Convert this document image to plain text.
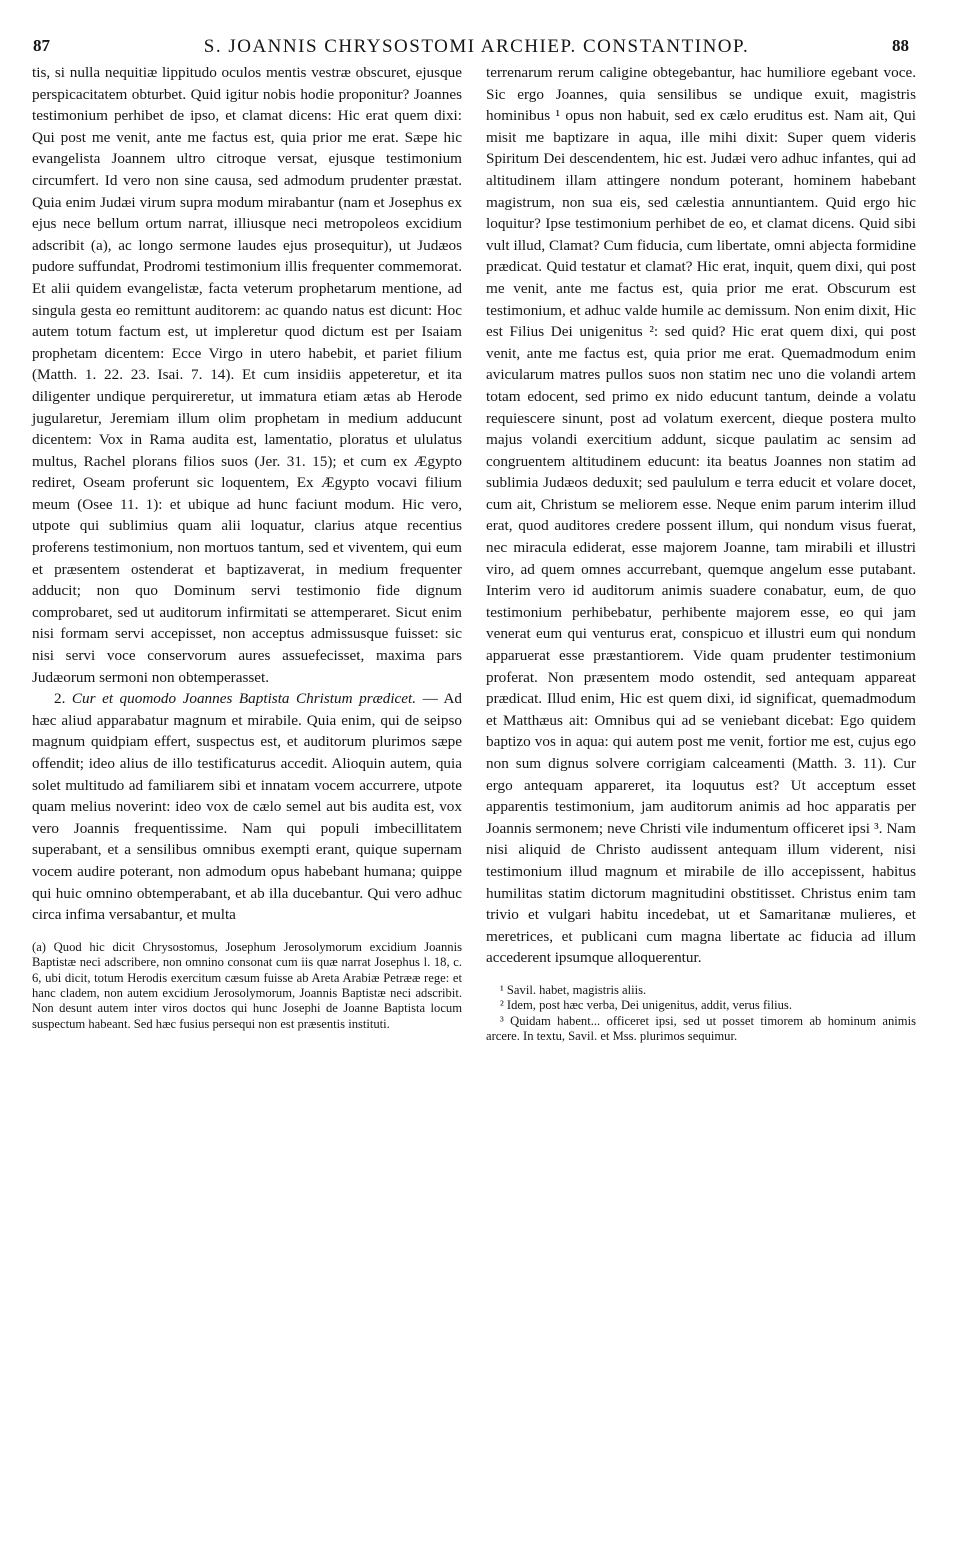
87	S. JOANNIS CHRYSOSTOMI ARCHIEP. CONSTANTINOP.	88

tis, si nulla nequitiæ lippitudo oculos mentis vestræ obscuret, ejusque perspicacitatem obturbet. Quid igitur nobis hodie proponitur? Joannes testimonium perhibet de ipso, et clamat dicens: Hic erat quem dixi: Qui post me venit, ante me factus est, quia prior me erat. Sæpe hic evangelista Joannem ultro citroque versat, ejusque testimonium circumfert. Id vero non sine causa, sed admodum prudenter præstat. Quia enim Judæi virum supra modum mirabantur (nam et Josephus ex ejus nece bellum ortum narrat, illiusque neci metropoleos excidium adscribit (a), ac longo sermone laudes ejus prosequitur), ut Judæos pudore suffundat, Prodromi testimonium illis frequenter commemorat. Et alii quidem evangelistæ, facta veterum prophetarum mentione, ad singula gesta eo remittunt auditorem: ac quando natus est dicunt: Hoc autem totum factum est, ut impleretur quod dictum est per Isaiam prophetam dicentem: Ecce Virgo in utero habebit, et pariet filium (Matth. 1. 22. 23. Isai. 7. 14). Et cum insidiis appeteretur, et ita diligenter undique perquireretur, ut immatura etiam ætas ab Herode jugularetur, Jeremiam illum olim prophetam in medium adducunt dicentem: Vox in Rama audita est, lamentatio, ploratus et ululatus multus, Rachel plorans filios suos (Jer. 31. 15); et cum ex Ægypto rediret, Oseam proferunt sic loquentem, Ex Ægypto vocavi filium meum (Osee 11. 1): et ubique ad hunc faciunt modum. Hic vero, utpote qui sublimius quam alii loquatur, clarius atque recentius proferens testimonium, non mortuos tantum, sed et viventem, qui eum et præsentem ostenderat et baptizaverat, in medium frequenter adducit; non quo Dominum servi testimonio fide dignum comprobaret, sed ut auditorum infirmitati se attemperaret. Sicut enim nisi formam servi accepisset, non acceptus admissusque fuisset: sic nisi servi voce conservorum aures assuefecisset, maxima pars Judæorum sermoni non obtemperasset.

2. Cur et quomodo Joannes Baptista Christum prædicet. — Ad hæc aliud apparabatur magnum et mirabile. Quia enim, qui de seipso magnum quidpiam effert, suspectus est, et auditorum plurimos sæpe offendit; ideo alius de illo testificaturus accedit. Alioquin autem, quia solet multitudo ad familiarem sibi et innatam vocem accurrere, utpote quam melius noverint: ideo vox de cælo semel aut bis audita est, vox vero Joannis frequentissime. Nam qui populi imbecillitatem superabant, et a sensilibus omnibus exempti erant, quique supernam vocem audire poterant, non admodum opus habebant humana; quippe qui huic omnino obtemperabant, et ab illa ducebantur. Qui vero adhuc circa infima versabantur, et multa

(a) Quod hic dicit Chrysostomus, Josephum Jerosolymorum excidium Joannis Baptistæ neci adscribere, non omnino consonat cum iis quæ narrat Josephus l. 18, c. 6, ubi dicit, totum Herodis exercitum cæsum fuisse ab Areta Arabiæ Petrææ rege: et hanc cladem, non autem excidium Jerosolymorum, Joannis Baptistæ neci adscribit. Non desunt autem inter viros doctos qui hunc Josephi de Joanne Baptista locum suspectum habeant. Sed hæc fusius persequi non est præsentis instituti.

terrenarum rerum caligine obtegebantur, hac humiliore egebant voce. Sic ergo Joannes, quia sensilibus se undique exuit, magistris hominibus ¹ opus non habuit, sed ex cælo eruditus est. Nam ait, Qui misit me baptizare in aqua, ille mihi dixit: Super quem videris Spiritum Dei descendentem, hic est. Judæi vero adhuc infantes, qui ad altitudinem illam attingere nondum poterant, hominem habebant magistrum, non sua eis, sed cælestia annuntiantem. Quid ergo hic loquitur? Ipse testimonium perhibet de eo, et clamat dicens. Quid sibi vult illud, Clamat? Cum fiducia, cum libertate, omni abjecta formidine prædicat. Quid testatur et clamat? Hic erat, inquit, quem dixi, qui post me venit, ante me factus est, quia prior me erat. Obscurum est testimonium, et adhuc valde humile ac demissum. Non enim dixit, Hic est Filius Dei unigenitus ²: sed quid? Hic erat quem dixi, qui post venit, ante me factus est, quia prior me erat. Quemadmodum enim avicularum matres pullos suos non statim nec uno die volandi artem totam edocent, sed primo ex nido educunt tantum, deinde a volatu requiescere sinunt, post ad volatum exercent, dieque postera multo majus volandi exercitium addunt, sicque paulatim ac sensim ad congruentem altitudinem educunt: ita beatus Joannes non statim ad sublimia Judæos deduxit; sed paululum e terra educit et volare docet, cum ait, Christum se meliorem esse. Neque enim parum interim illud erat, quod auditores credere possent illum, qui nondum visus fuerat, nec miracula ediderat, esse majorem Joanne, tam mirabili et illustri viro, ad quem omnes accurrebant, quemque angelum esse putabant. Interim vero id auditorum animis suadere conabatur, eum, de quo testimonium perhibebatur, perhibente majorem esse, eo qui jam venerat eum qui venturus erat, conspicuo et illustri eum qui nondum apparuerat esse præstantiorem. Vide quam prudenter testimonium proferat. Non præsentem modo ostendit, sed antequam appareat prædicat. Illud enim, Hic est quem dixi, id significat, quemadmodum et Matthæus ait: Omnibus qui ad se veniebant dicebat: Ego quidem baptizo vos in aqua: qui autem post me venit, fortior me est, cujus ego non sum dignus solvere corrigiam calceamenti (Matth. 3. 11). Cur ergo antequam appareret, ita loquutus est? Ut acceptum esset apparentis testimonium, jam auditorum animis ad hoc apparatis per Joannis sermonem; neve Christi vile indumentum officeret ipsi ³. Nam nisi aliquid de Christo audissent antequam illum viderent, nisi testimonium illud magnum et mirabile de illo accepissent, habitus humilitas statim dictorum magnitudini obstitisset. Christus enim tam trivio et vulgari habitu incedebat, ut et Samaritanæ mulieres, et meretrices, et publicani cum magna libertate ac fiducia ad illum accederent ipsumque alloquerentur.

¹ Savil. habet, magistris aliis.
² Idem, post hæc verba, Dei unigenitus, addit, verus filius.
³ Quidam habent... officeret ipsi, sed ut posset timorem ab hominum animis arcere. In textu, Savil. et Mss. plurimos sequimur.
